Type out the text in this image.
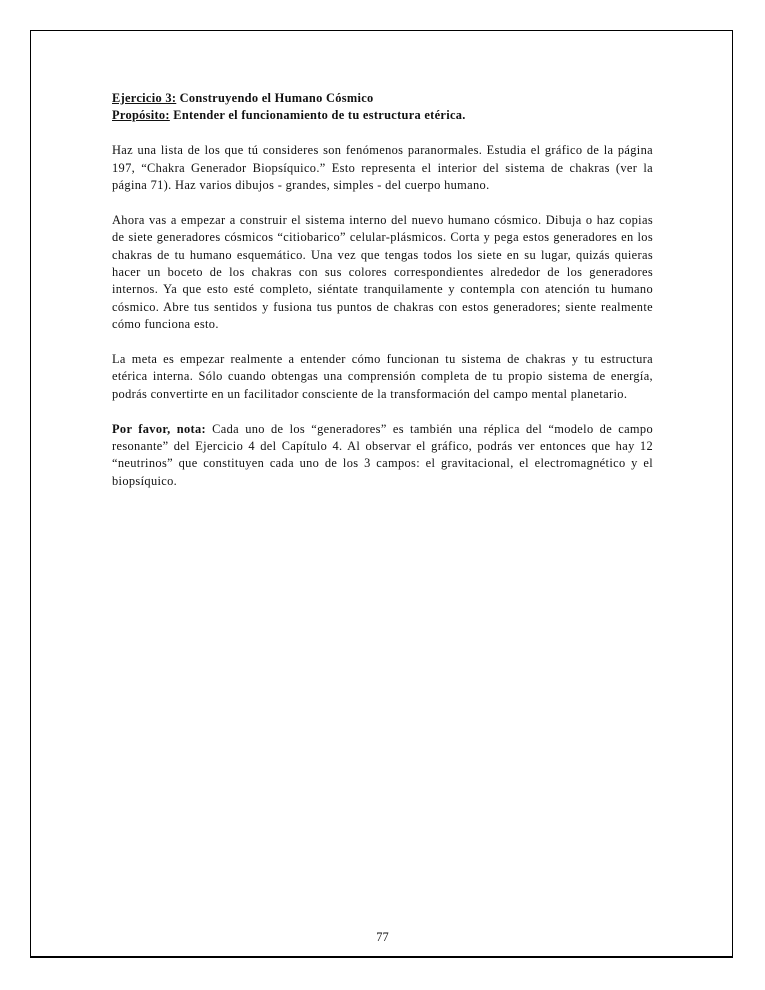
Ejercicio 3: Construyendo el Humano Cósmico

Propósito: Entender el funcionamiento de tu estructura etérica.

Haz una lista de los que tú consideres son fenómenos paranormales. Estudia el gráfico de la página 197, “Chakra Generador Biopsíquico.” Esto representa el interior del sistema de chakras (ver la página 71). Haz varios dibujos - grandes, simples - del cuerpo humano.

Ahora vas a empezar a construir el sistema interno del nuevo humano cósmico. Dibuja o haz copias de siete generadores cósmicos “citiobarico” celular-plásmicos. Corta y pega estos generadores en los chakras de tu humano esquemático. Una vez que tengas todos los siete en su lugar, quizás quieras hacer un boceto de los chakras con sus colores correspondientes alrededor de los generadores internos. Ya que esto esté completo, siéntate tranquilamente y contempla con atención tu humano cósmico. Abre tus sentidos y fusiona tus puntos de chakras con estos generadores; siente realmente cómo funciona esto.

La meta es empezar realmente a entender cómo funcionan tu sistema de chakras y tu estructura etérica interna. Sólo cuando obtengas una comprensión completa de tu propio sistema de energía, podrás convertirte en un facilitador consciente de la transformación del campo mental planetario.

Por favor, nota: Cada uno de los “generadores” es también una réplica del “modelo de campo resonante” del Ejercicio 4 del Capítulo 4. Al observar el gráfico, podrás ver entonces que hay 12 “neutrinos” que constituyen cada uno de los 3 campos: el gravitacional, el electromagnético y el biopsíquico.

77
